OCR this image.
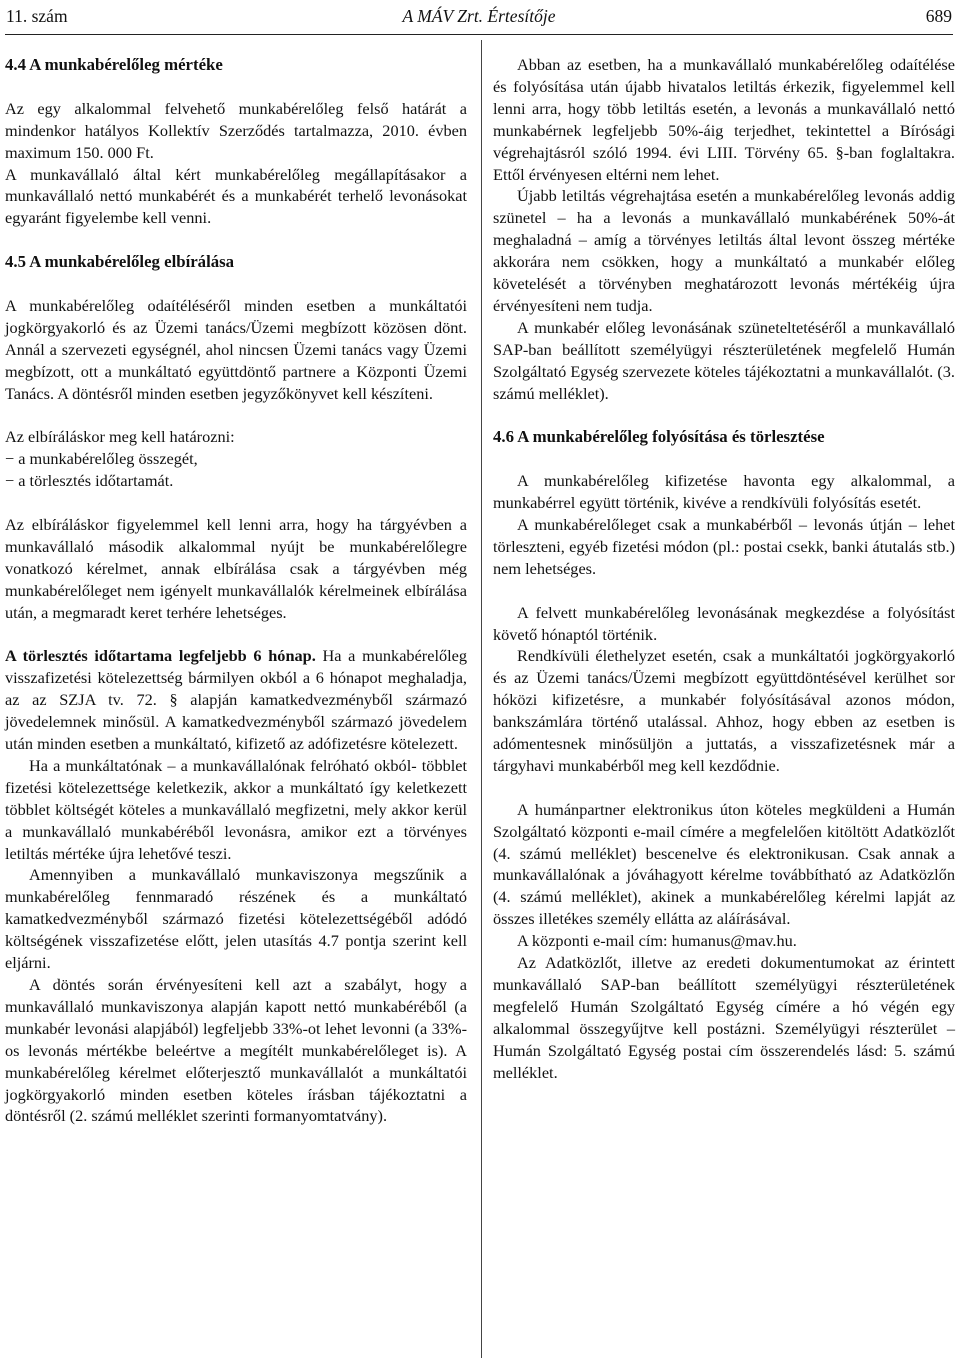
11. szám	A MÁV Zrt. Értesítője	689

4.4 A munkabérelőleg mértéke

Az egy alkalommal felvehető munkabérelőleg felső határát a mindenkor hatályos Kollektív Szerződés tartalmazza, 2010. évben maximum 150. 000 Ft.

A munkavállaló által kért munkabérelőleg megállapításakor a munkavállaló nettó munkabérét és a munkabérét terhelő levonásokat egyaránt figyelembe kell venni.

4.5 A munkabérelőleg elbírálása

A munkabérelőleg odaítéléséről minden esetben a munkáltatói jogkörgyakorló és az Üzemi tanács/Üzemi megbízott közösen dönt. Annál a szervezeti egységnél, ahol nincsen Üzemi tanács vagy Üzemi megbízott, ott a munkáltató együttdöntő partnere a Központi Üzemi Tanács. A döntésről minden esetben jegyzőkönyvet kell készíteni.

Az elbíráláskor meg kell határozni:

− a munkabérelőleg összegét,

− a törlesztés időtartamát.

Az elbíráláskor figyelemmel kell lenni arra, hogy ha tárgyévben a munkavállaló második alkalommal nyújt be munkabérelőlegre vonatkozó kérelmet, annak elbírálása csak a tárgyévben még munkabérelőleget nem igényelt munkavállalók kérelmeinek elbírálása után, a megmaradt keret terhére lehetséges.

A törlesztés időtartama legfeljebb 6 hónap. Ha a munkabérelőleg visszafizetési kötelezettség bármilyen okból a 6 hónapot meghaladja, az az SZJA tv. 72. § alapján kamatkedvezményből származó jövedelemnek minősül. A kamatkedvezményből származó jövedelem után minden esetben a munkáltató, kifizető az adófizetésre kötelezett.

Ha a munkáltatónak – a munkavállalónak felróható okból- többlet fizetési kötelezettsége keletkezik, akkor a munkáltató így keletkezett többlet költségét köteles a munkavállaló megfizetni, mely akkor kerül a munkavállaló munkabéréből levonásra, amikor ezt a törvényes letiltás mértéke újra lehetővé teszi.

Amennyiben a munkavállaló munkaviszonya megszűnik a munkabérelőleg fennmaradó részének és a munkáltató kamatkedvezményből származó fizetési kötelezettségéből adódó költségének visszafizetése előtt, jelen utasítás 4.7 pontja szerint kell eljárni.

A döntés során érvényesíteni kell azt a szabályt, hogy a munkavállaló munkaviszonya alapján kapott nettó munkabéréből (a munkabér levonási alapjából) legfeljebb 33%-ot lehet levonni (a 33%-os levonás mértékbe beleértve a megítélt munkabérelőleget is). A munkabérelőleg kérelmet előterjesztő munkavállalót a munkáltatói jogkörgyakorló minden esetben köteles írásban tájékoztatni a döntésről (2. számú melléklet szerinti formanyomtatvány).

Abban az esetben, ha a munkavállaló munkabérelőleg odaítélése és folyósítása után újabb hivatalos letiltás érkezik, figyelemmel kell lenni arra, hogy több letiltás esetén, a levonás a munkavállaló nettó munkabérnek legfeljebb 50%-áig terjedhet, tekintettel a Bírósági végrehajtásról szóló 1994. évi LIII. Törvény 65. §-ban foglaltakra. Ettől érvényesen eltérni nem lehet.

Újabb letiltás végrehajtása esetén a munkabérelőleg levonás addig szünetel – ha a levonás a munkavállaló munkabérének 50%-át meghaladná – amíg a törvényes letiltás által levont összeg mértéke akkorára nem csökken, hogy a munkáltató a munkabér előleg követelését a törvényben meghatározott levonás mértékéig újra érvényesíteni nem tudja.

A munkabér előleg levonásának szüneteltetéséről a munkavállaló SAP-ban beállított személyügyi részterületének megfelelő Humán Szolgáltató Egység szervezete köteles tájékoztatni a munkavállalót. (3. számú melléklet).

4.6 A munkabérelőleg folyósítása és törlesztése

A munkabérelőleg kifizetése havonta egy alkalommal, a munkabérrel együtt történik, kivéve a rendkívüli folyósítás esetét.

A munkabérelőleget csak a munkabérből – levonás útján – lehet törleszteni, egyéb fizetési módon (pl.: postai csekk, banki átutalás stb.) nem lehetséges.

A felvett munkabérelőleg levonásának megkezdése a folyósítást követő hónaptól történik.

Rendkívüli élethelyzet esetén, csak a munkáltatói jogkörgyakorló és az Üzemi tanács/Üzemi megbízott együttdöntésével kerülhet sor hóközi kifizetésre, a munkabér folyósításával azonos módon, bankszámlára történő utalással. Ahhoz, hogy ebben az esetben is adómentesnek minősüljön a juttatás, a visszafizetésnek már a tárgyhavi munkabérből meg kell kezdődnie.

A humánpartner elektronikus úton köteles megküldeni a Humán Szolgáltató központi e-mail címére a megfelelően kitöltött Adatközlőt (4. számú melléklet) bescenelve és elektronikusan. Csak annak a munkavállalónak a jóváhagyott kérelme továbbítható az Adatközlőn (4. számú melléklet), akinek a munkabérelőleg kérelmi lapját az összes illetékes személy ellátta az aláírásával.

A központi e-mail cím: humanus@mav.hu.

Az Adatközlőt, illetve az eredeti dokumentumokat az érintett munkavállaló SAP-ban beállított személyügyi részterületének megfelelő Humán Szolgáltató Egység címére a hó végén egy alkalommal összegyűjtve kell postázni. Személyügyi részterület – Humán Szolgáltató Egység postai cím összerendelés lásd: 5. számú melléklet.
